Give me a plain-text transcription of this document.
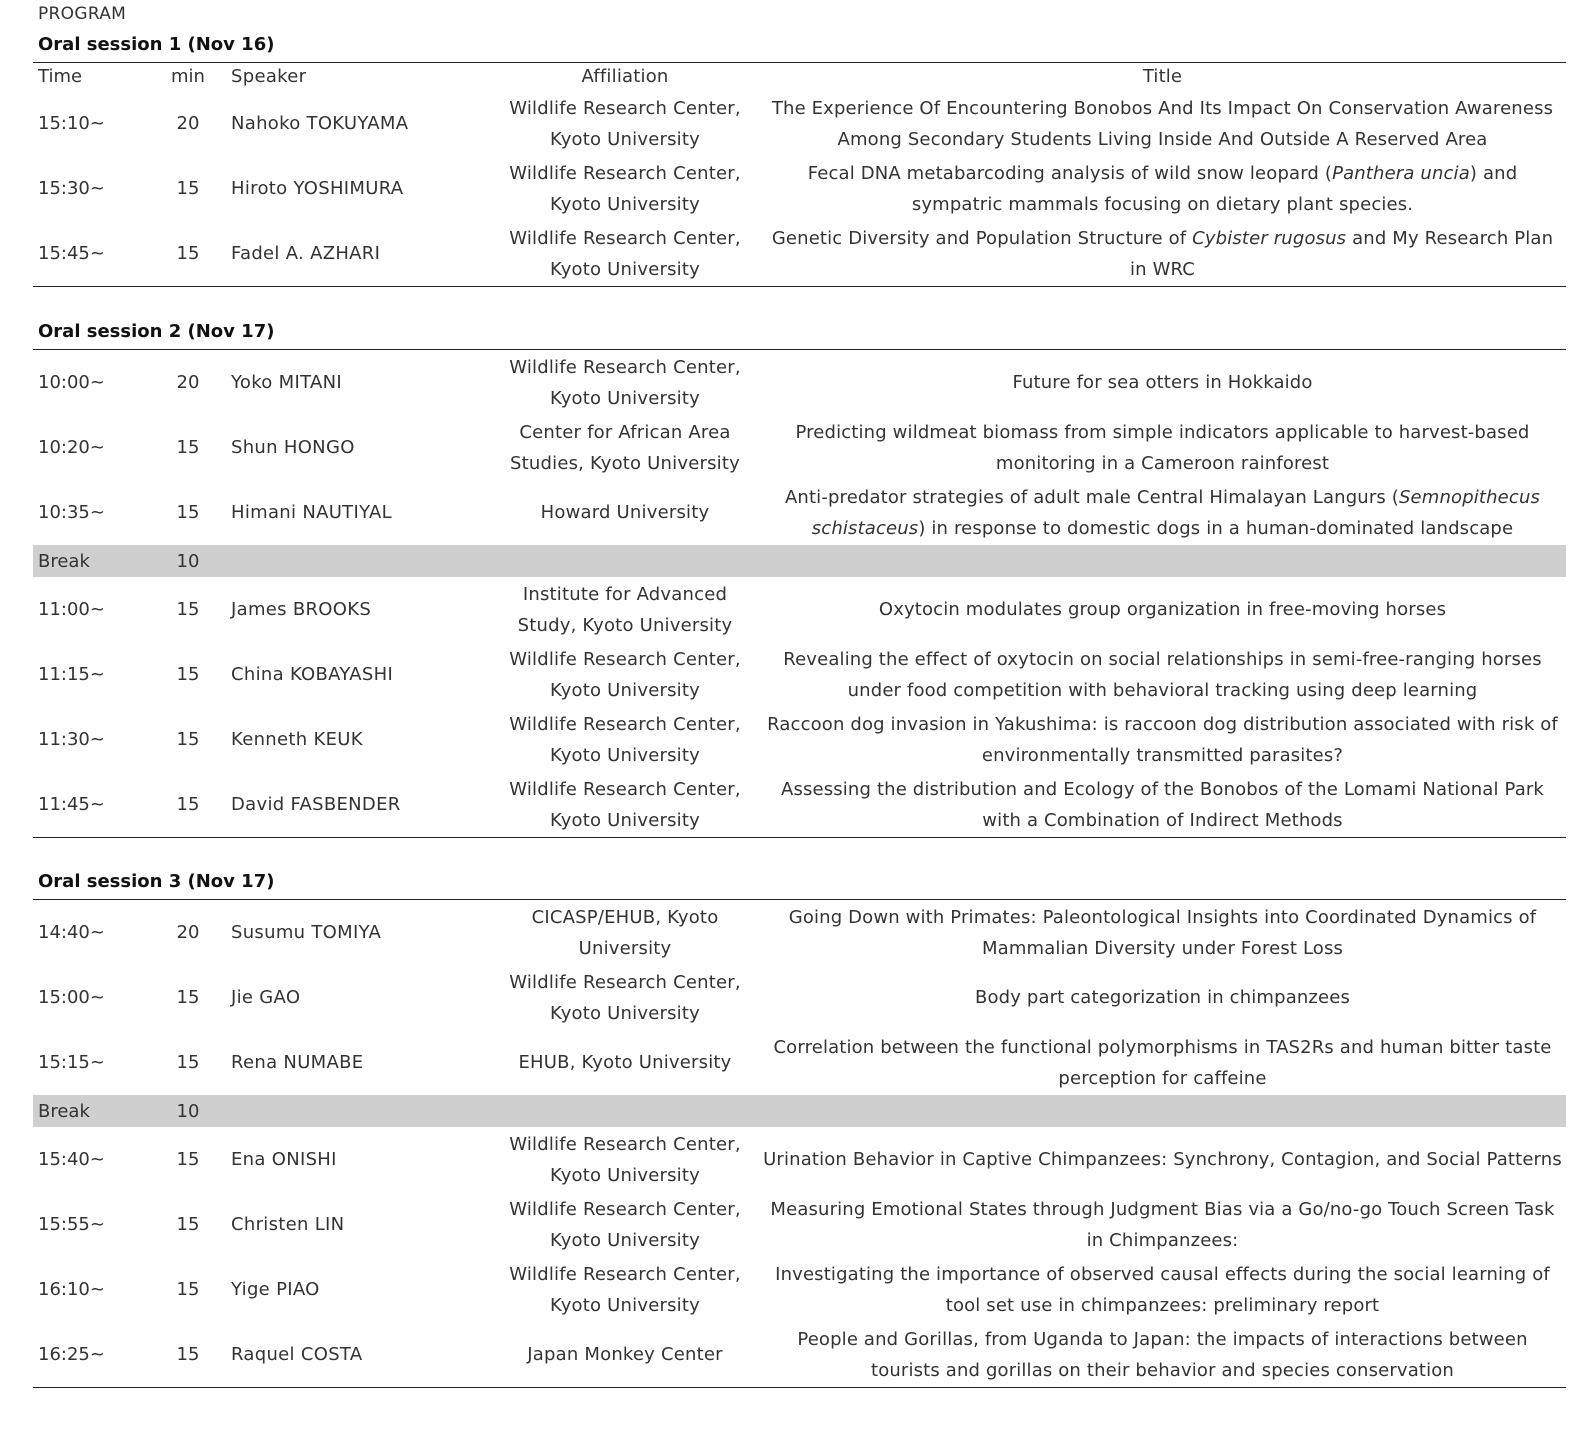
PROGRAM
Oral session 1 (Nov 16)
Time	min	Speaker	Affiliation	Title
15:10~	20	Nahoko TOKUYAMA	Wildlife Research Center, Kyoto University	The Experience Of Encountering Bonobos And Its Impact On Conservation Awareness Among Secondary Students Living Inside And Outside A Reserved Area
15:30~	15	Hiroto YOSHIMURA	Wildlife Research Center, Kyoto University	Fecal DNA metabarcoding analysis of wild snow leopard (Panthera uncia) and sympatric mammals focusing on dietary plant species.
15:45~	15	Fadel A. AZHARI	Wildlife Research Center, Kyoto University	Genetic Diversity and Population Structure of Cybister rugosus and My Research Plan in WRC
Oral session 2 (Nov 17)
10:00~	20	Yoko MITANI	Wildlife Research Center, Kyoto University	Future for sea otters in Hokkaido
10:20~	15	Shun HONGO	Center for African Area Studies, Kyoto University	Predicting wildmeat biomass from simple indicators applicable to harvest-based monitoring in a Cameroon rainforest
10:35~	15	Himani NAUTIYAL	Howard University	Anti-predator strategies of adult male Central Himalayan Langurs (Semnopithecus schistaceus) in response to domestic dogs in a human-dominated landscape
Break	10			
11:00~	15	James BROOKS	Institute for Advanced Study, Kyoto University	Oxytocin modulates group organization in free-moving horses
11:15~	15	China KOBAYASHI	Wildlife Research Center, Kyoto University	Revealing the effect of oxytocin on social relationships in semi-free-ranging horses under food competition with behavioral tracking using deep learning
11:30~	15	Kenneth KEUK	Wildlife Research Center, Kyoto University	Raccoon dog invasion in Yakushima: is raccoon dog distribution associated with risk of environmentally transmitted parasites?
11:45~	15	David FASBENDER	Wildlife Research Center, Kyoto University	Assessing the distribution and Ecology of the Bonobos of the Lomami National Park with a Combination of Indirect Methods
Oral session 3 (Nov 17)
14:40~	20	Susumu TOMIYA	CICASP/EHUB, Kyoto University	Going Down with Primates: Paleontological Insights into Coordinated Dynamics of Mammalian Diversity under Forest Loss
15:00~	15	Jie GAO	Wildlife Research Center, Kyoto University	Body part categorization in chimpanzees
15:15~	15	Rena NUMABE	EHUB, Kyoto University	Correlation between the functional polymorphisms in TAS2Rs and human bitter taste perception for caffeine
Break	10			
15:40~	15	Ena ONISHI	Wildlife Research Center, Kyoto University	Urination Behavior in Captive Chimpanzees: Synchrony, Contagion, and Social Patterns
15:55~	15	Christen LIN	Wildlife Research Center, Kyoto University	Measuring Emotional States through Judgment Bias via a Go/no-go Touch Screen Task in Chimpanzees:
16:10~	15	Yige PIAO	Wildlife Research Center, Kyoto University	Investigating the importance of observed causal effects during the social learning of tool set use in chimpanzees: preliminary report
16:25~	15	Raquel COSTA	Japan Monkey Center	People and Gorillas, from Uganda to Japan: the impacts of interactions between tourists and gorillas on their behavior and species conservation
